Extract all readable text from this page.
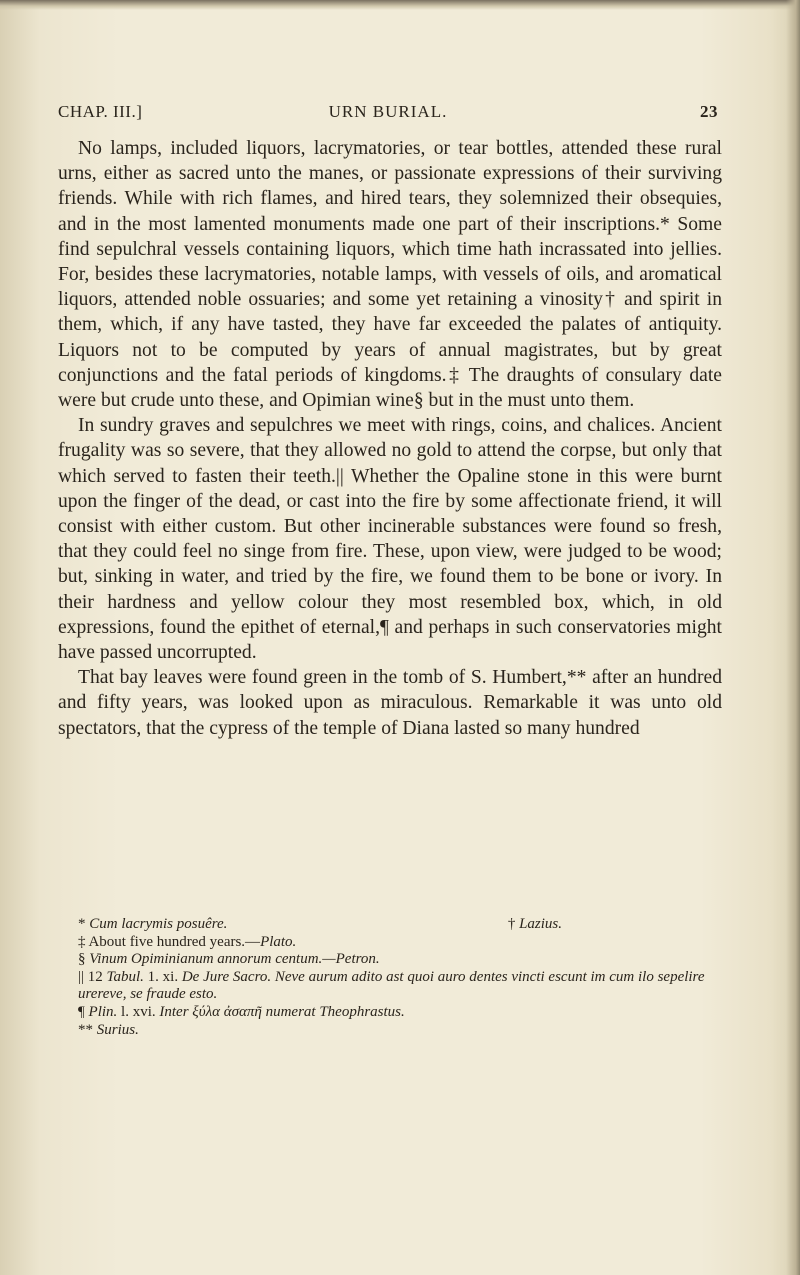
CHAP. III.]	URN BURIAL.	23

No lamps, included liquors, lacrymatories, or tear bottles, attended these rural urns, either as sacred unto the manes, or passionate expressions of their surviving friends. While with rich flames, and hired tears, they solemnized their obsequies, and in the most lamented monuments made one part of their inscriptions.* Some find sepulchral vessels containing liquors, which time hath incrassated into jellies. For, besides these lacrymatories, notable lamps, with vessels of oils, and aromatical liquors, attended noble ossuaries; and some yet retaining a vinosity† and spirit in them, which, if any have tasted, they have far exceeded the palates of antiquity. Liquors not to be computed by years of annual magistrates, but by great conjunctions and the fatal periods of kingdoms.‡ The draughts of consulary date were but crude unto these, and Opimian wine§ but in the must unto them.

In sundry graves and sepulchres we meet with rings, coins, and chalices. Ancient frugality was so severe, that they allowed no gold to attend the corpse, but only that which served to fasten their teeth.|| Whether the Opaline stone in this were burnt upon the finger of the dead, or cast into the fire by some affectionate friend, it will consist with either custom. But other incinerable substances were found so fresh, that they could feel no singe from fire. These, upon view, were judged to be wood; but, sinking in water, and tried by the fire, we found them to be bone or ivory. In their hardness and yellow colour they most resembled box, which, in old expressions, found the epithet of eternal,¶ and perhaps in such conservatories might have passed uncorrupted.

That bay leaves were found green in the tomb of S. Humbert,** after an hundred and fifty years, was looked upon as miraculous. Remarkable it was unto old spectators, that the cypress of the temple of Diana lasted so many hundred

* Cum lacrymis posuêre.	† Lazius.
‡ About five hundred years.—Plato.
§ Vinum Opiminianum annorum centum.—Petron.
|| 12 Tabul. 1. xi. De Jure Sacro. Neve aurum adito ast quoi auro dentes vincti escunt im cum ilo sepelire urereve, se fraude esto.
¶ Plin. l. xvi. Inter ξύλα ἀσαπῆ numerat Theophrastus.
** Surius.
